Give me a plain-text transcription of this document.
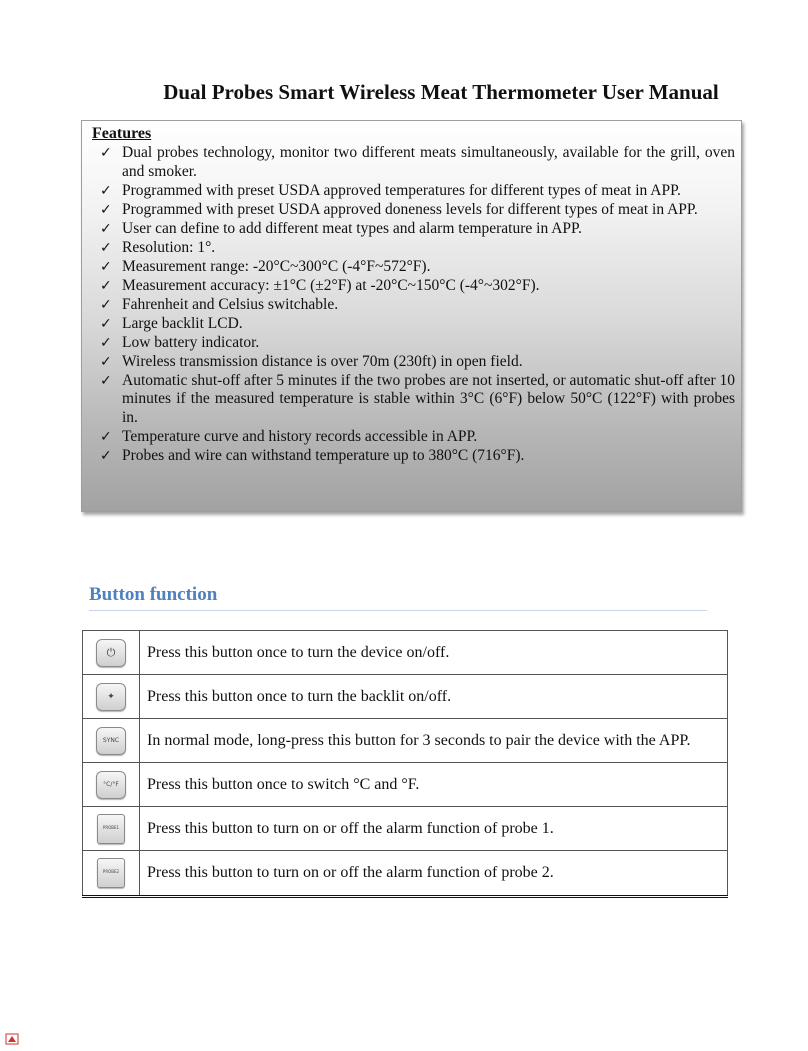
Dual Probes Smart Wireless Meat Thermometer User Manual
Features
✓ Dual probes technology, monitor two different meats simultaneously, available for the grill, oven and smoker.
✓ Programmed with preset USDA approved temperatures for different types of meat in APP.
✓ Programmed with preset USDA approved doneness levels for different types of meat in APP.
✓ User can define to add different meat types and alarm temperature in APP.
✓ Resolution: 1°.
✓ Measurement range: -20°C~300°C (-4°F~572°F).
✓ Measurement accuracy: ±1°C (±2°F) at -20°C~150°C (-4°~302°F).
✓ Fahrenheit and Celsius switchable.
✓ Large backlit LCD.
✓ Low battery indicator.
✓ Wireless transmission distance is over 70m (230ft) in open field.
✓ Automatic shut-off after 5 minutes if the two probes are not inserted, or automatic shut-off after 10 minutes if the measured temperature is stable within 3°C (6°F) below 50°C (122°F) with probes in.
✓ Temperature curve and history records accessible in APP.
✓ Probes and wire can withstand temperature up to 380°C (716°F).
Button function
⏻	Press this button once to turn the device on/off.

✦	Press this button once to turn the backlit on/off.

SYNC	In normal mode, long-press this button for 3 seconds to pair the device with the APP.

°C/°F	Press this button once to switch °C and °F.

PROBE1	Press this button to turn on or off the alarm function of probe 1.

PROBE2	Press this button to turn on or off the alarm function of probe 2.
